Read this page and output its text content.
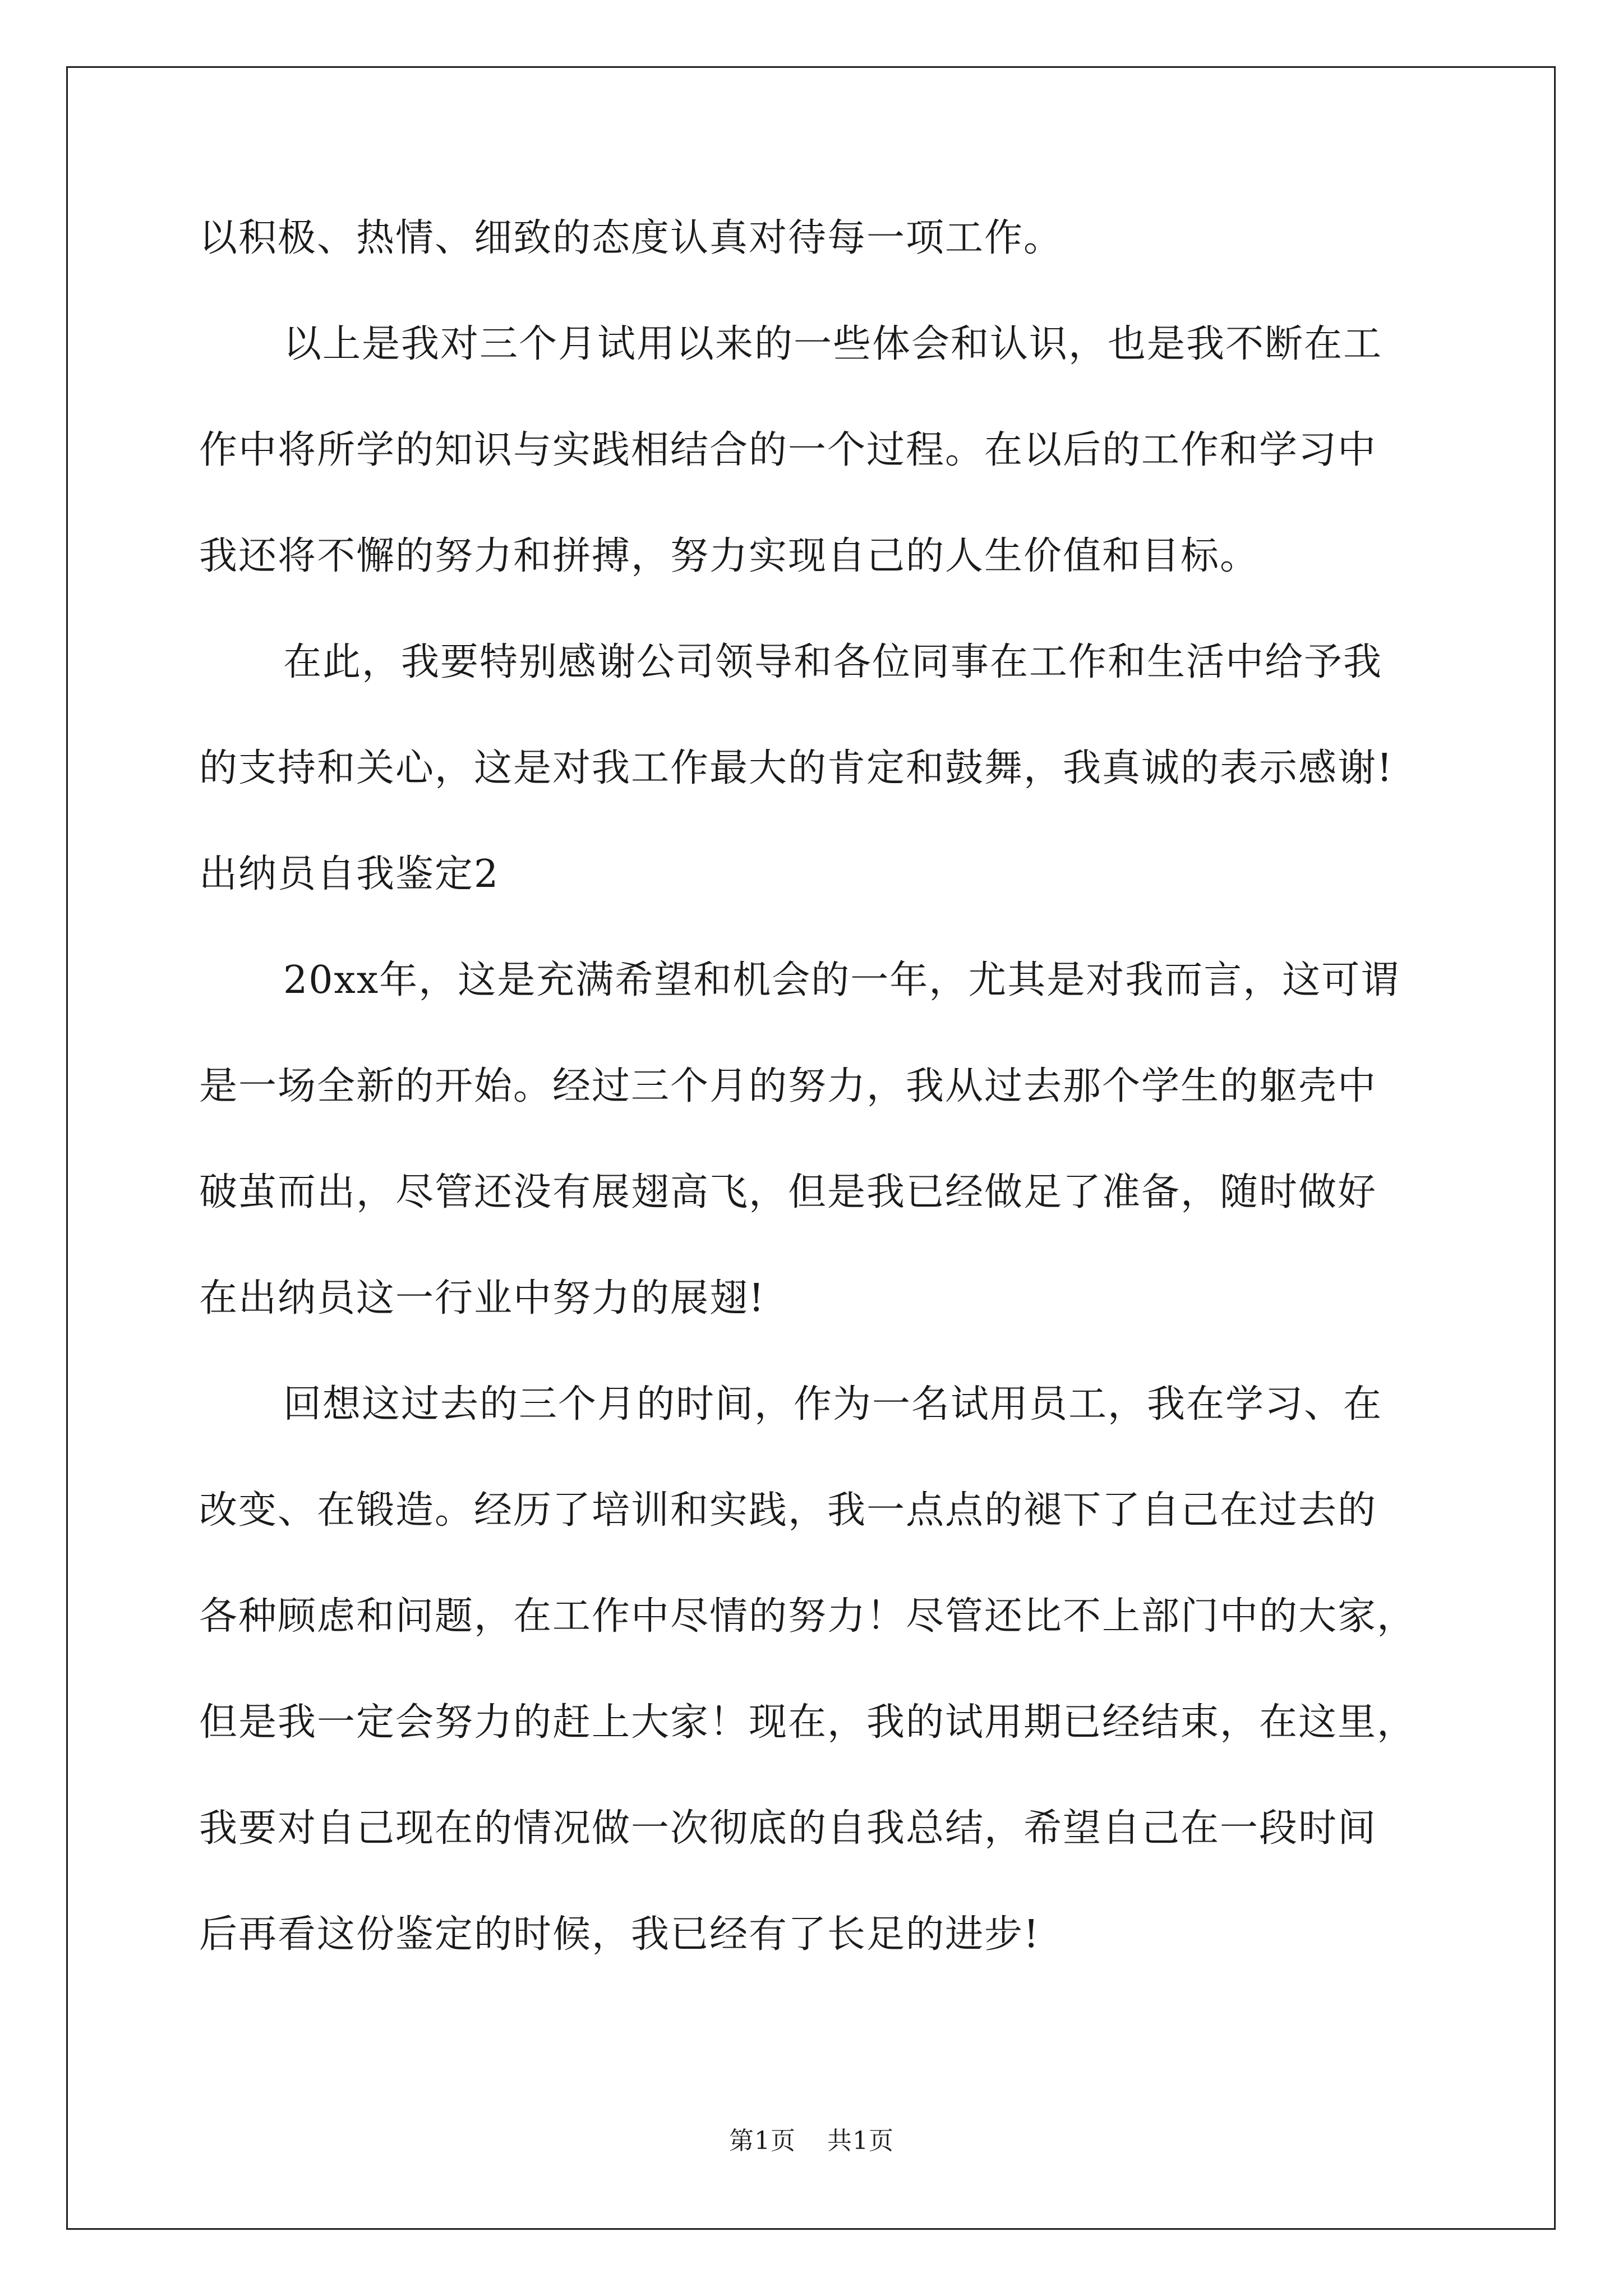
以积极、热情、细致的态度认真对待每一项工作。
以上是我对三个月试用以来的一些体会和认识，也是我不断在工
作中将所学的知识与实践相结合的一个过程。在以后的工作和学习中
我还将不懈的努力和拼搏，努力实现自己的人生价值和目标。
在此，我要特别感谢公司领导和各位同事在工作和生活中给予我
的支持和关心，这是对我工作最大的肯定和鼓舞，我真诚的表示感谢!
出纳员自我鉴定2
20xx年，这是充满希望和机会的一年，尤其是对我而言，这可谓
是一场全新的开始。经过三个月的努力，我从过去那个学生的躯壳中
破茧而出，尽管还没有展翅高飞，但是我已经做足了准备，随时做好
在出纳员这一行业中努力的展翅!
回想这过去的三个月的时间，作为一名试用员工，我在学习、在
改变、在锻造。经历了培训和实践，我一点点的褪下了自己在过去的
各种顾虑和问题，在工作中尽情的努力！尽管还比不上部门中的大家，
但是我一定会努力的赶上大家！现在，我的试用期已经结束，在这里，
我要对自己现在的情况做一次彻底的自我总结，希望自己在一段时间
后再看这份鉴定的时候，我已经有了长足的进步!
第1页 共1页
